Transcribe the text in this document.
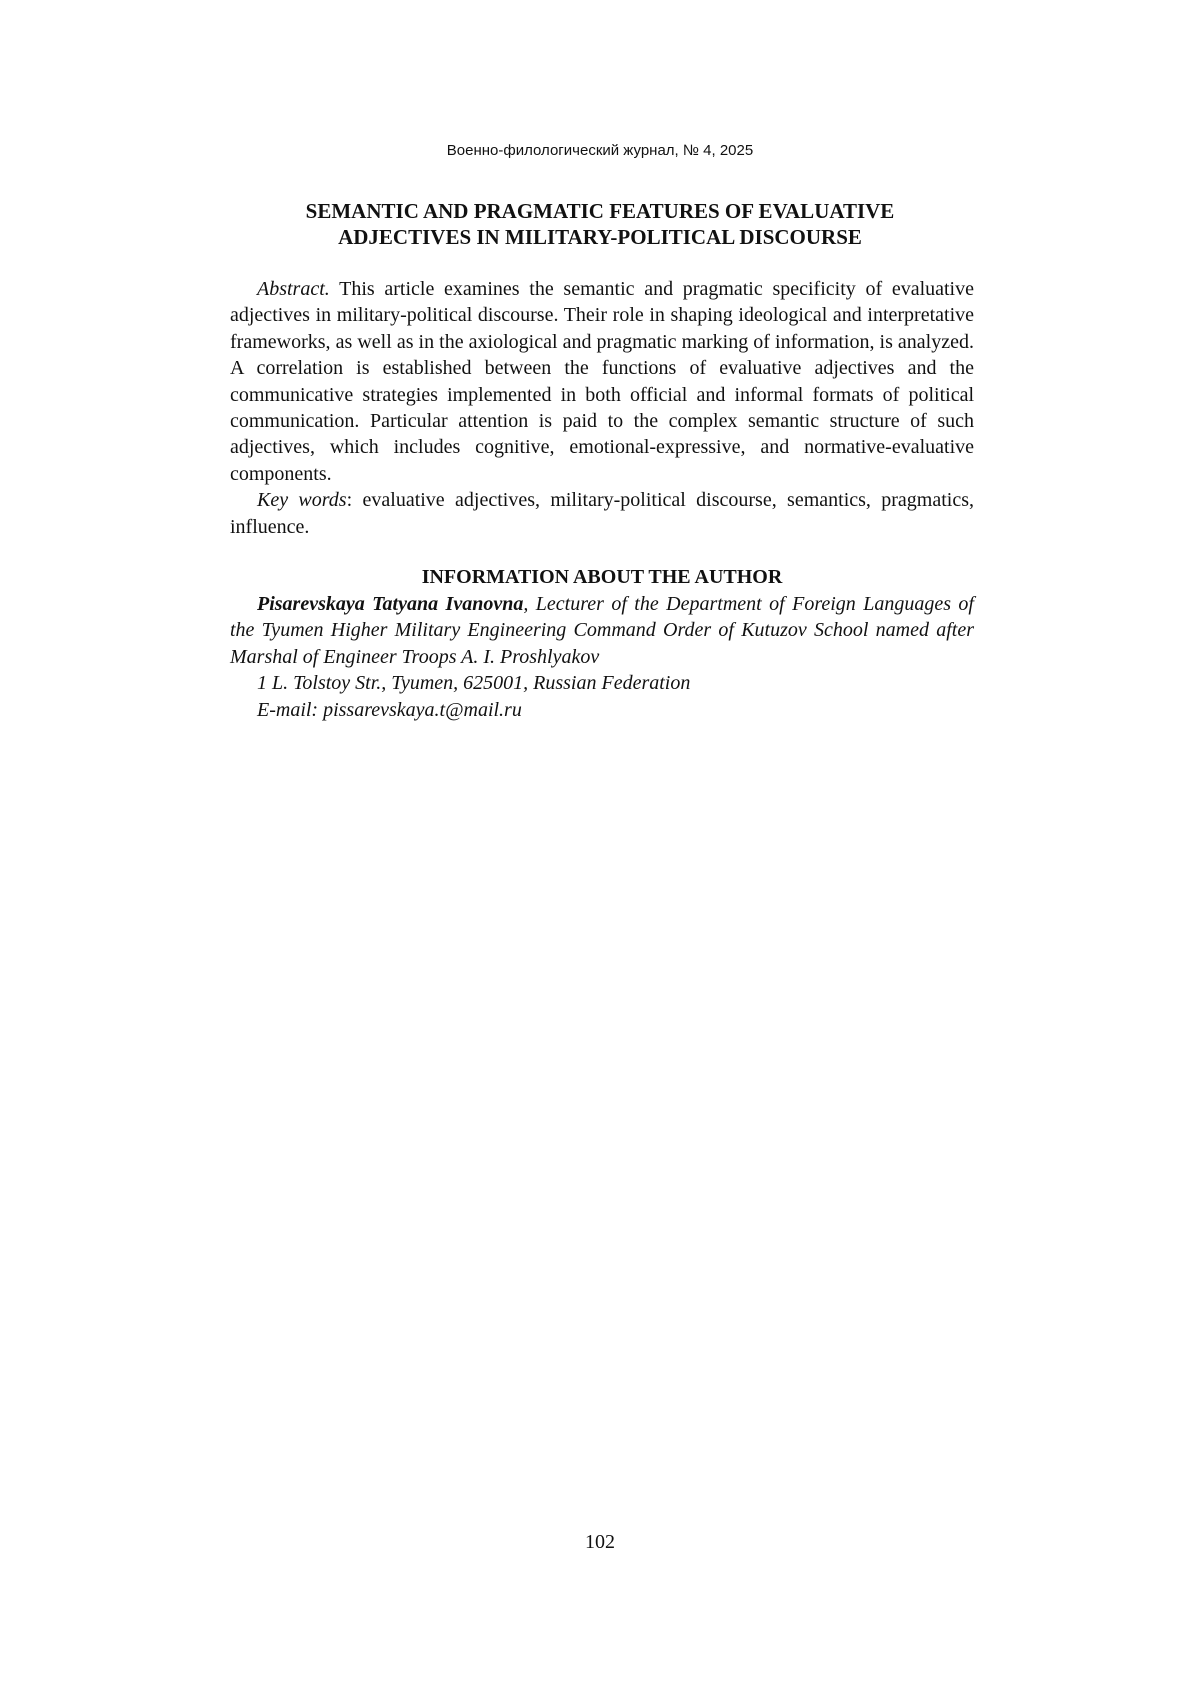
Военно-филологический журнал, № 4, 2025
SEMANTIC AND PRAGMATIC FEATURES OF EVALUATIVE
ADJECTIVES IN MILITARY-POLITICAL DISCOURSE

Abstract. This article examines the semantic and pragmatic specificity of evaluative adjectives in military-political discourse. Their role in shaping ideological and interpretative frameworks, as well as in the axiological and pragmatic marking of information, is analyzed. A correlation is established between the functions of evaluative adjectives and the communicative strategies implemented in both official and informal formats of political communication. Particular attention is paid to the complex semantic structure of such adjectives, which includes cognitive, emotional-expressive, and normative-evaluative components.

Key words: evaluative adjectives, military-political discourse, semantics, pragmatics, influence.

INFORMATION ABOUT THE AUTHOR

Pisarevskaya Tatyana Ivanovna, Lecturer of the Department of Foreign Languages of the Tyumen Higher Military Engineering Command Order of Kutuzov School named after Marshal of Engineer Troops A. I. Proshlyakov

1 L. Tolstoy Str., Tyumen, 625001, Russian Federation

E-mail: pissarevskaya.t@mail.ru

102
